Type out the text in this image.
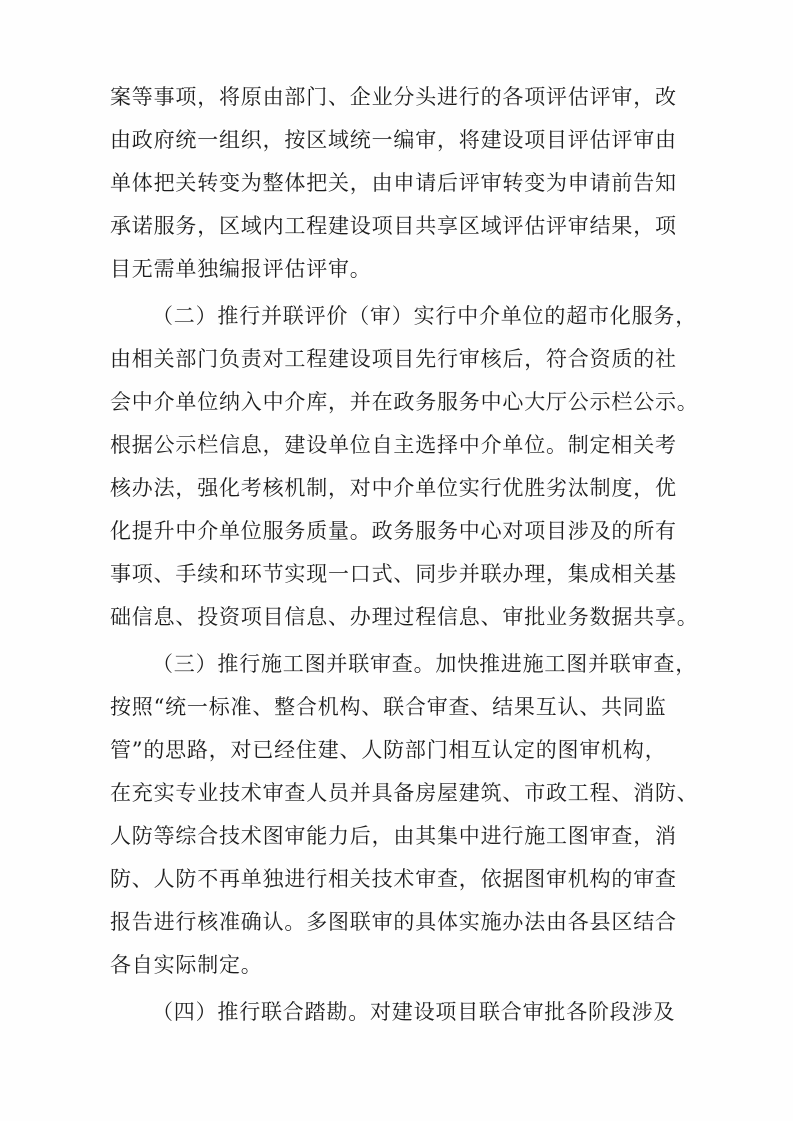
案等事项，将原由部门、企业分头进行的各项评估评审，改
由政府统一组织，按区域统一编审，将建设项目评估评审由
单体把关转变为整体把关，由申请后评审转变为申请前告知
承诺服务，区域内工程建设项目共享区域评估评审结果，项
目无需单独编报评估评审。
（二）推行并联评价（审）实行中介单位的超市化服务，
由相关部门负责对工程建设项目先行审核后，符合资质的社
会中介单位纳入中介库，并在政务服务中心大厅公示栏公示。
根据公示栏信息，建设单位自主选择中介单位。制定相关考
核办法，强化考核机制，对中介单位实行优胜劣汰制度，优
化提升中介单位服务质量。政务服务中心对项目涉及的所有
事项、手续和环节实现一口式、同步并联办理，集成相关基
础信息、投资项目信息、办理过程信息、审批业务数据共享。
（三）推行施工图并联审查。加快推进施工图并联审查，
按照“统一标准、整合机构、联合审查、结果互认、共同监
管”的思路，对已经住建、人防部门相互认定的图审机构，
在充实专业技术审查人员并具备房屋建筑、市政工程、消防、
人防等综合技术图审能力后，由其集中进行施工图审查，消
防、人防不再单独进行相关技术审查，依据图审机构的审查
报告进行核准确认。多图联审的具体实施办法由各县区结合
各自实际制定。
（四）推行联合踏勘。对建设项目联合审批各阶段涉及
